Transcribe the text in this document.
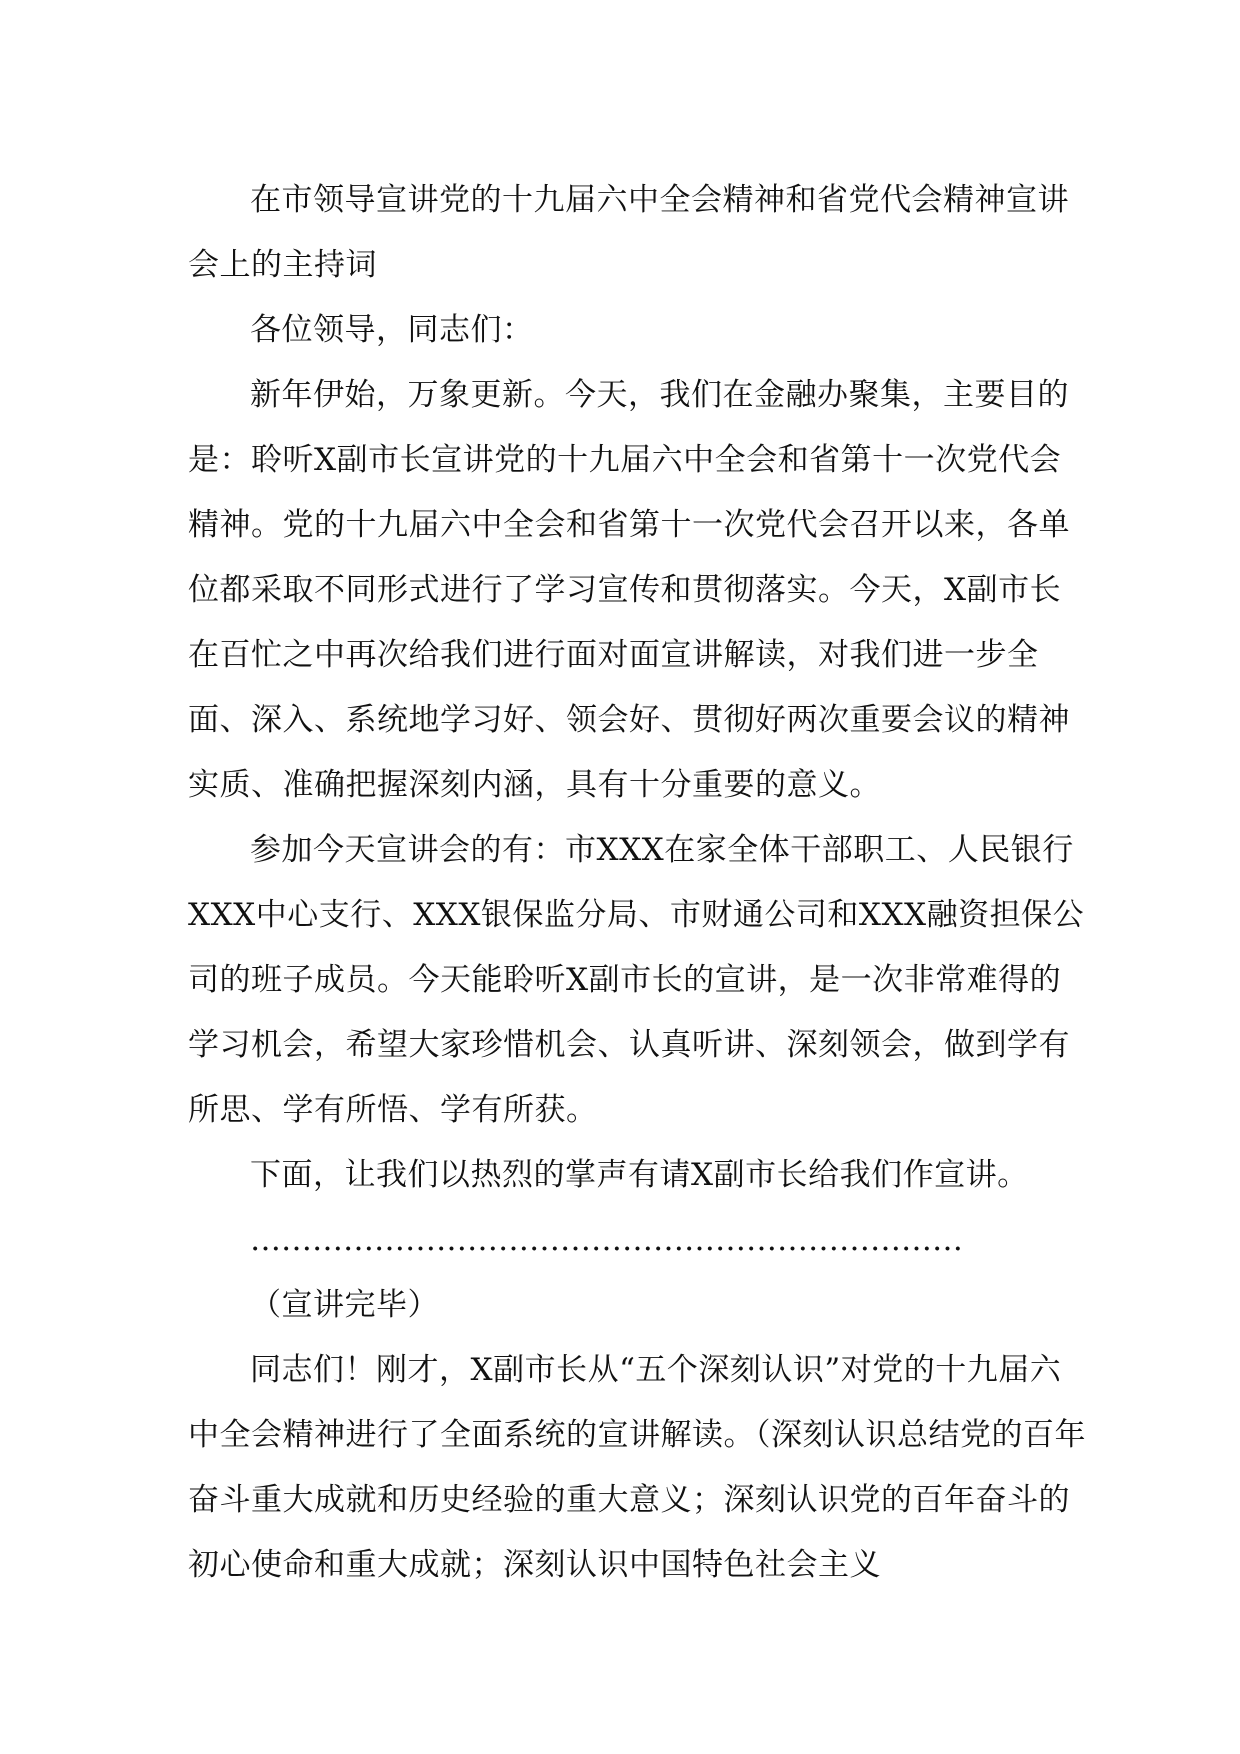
在市领导宣讲党的十九届六中全会精神和省党代会精神宣讲会上的主持词

各位领导，同志们：

新年伊始，万象更新。今天，我们在金融办聚集，主要目的是：聆听X副市长宣讲党的十九届六中全会和省第十一次党代会精神。党的十九届六中全会和省第十一次党代会召开以来，各单位都采取不同形式进行了学习宣传和贯彻落实。今天，X副市长在百忙之中再次给我们进行面对面宣讲解读，对我们进一步全面、深入、系统地学习好、领会好、贯彻好两次重要会议的精神实质、准确把握深刻内涵，具有十分重要的意义。

参加今天宣讲会的有：市XXX在家全体干部职工、人民银行XXX中心支行、XXX银保监分局、市财通公司和XXX融资担保公司的班子成员。今天能聆听X副市长的宣讲，是一次非常难得的学习机会，希望大家珍惜机会、认真听讲、深刻领会，做到学有所思、学有所悟、学有所获。

下面，让我们以热烈的掌声有请X副市长给我们作宣讲。

……………………………………………………………

（宣讲完毕）

同志们！刚才，X副市长从“五个深刻认识”对党的十九届六中全会精神进行了全面系统的宣讲解读。（深刻认识总结党的百年奋斗重大成就和历史经验的重大意义；深刻认识党的百年奋斗的初心使命和重大成就；深刻认识中国特色社会主义
